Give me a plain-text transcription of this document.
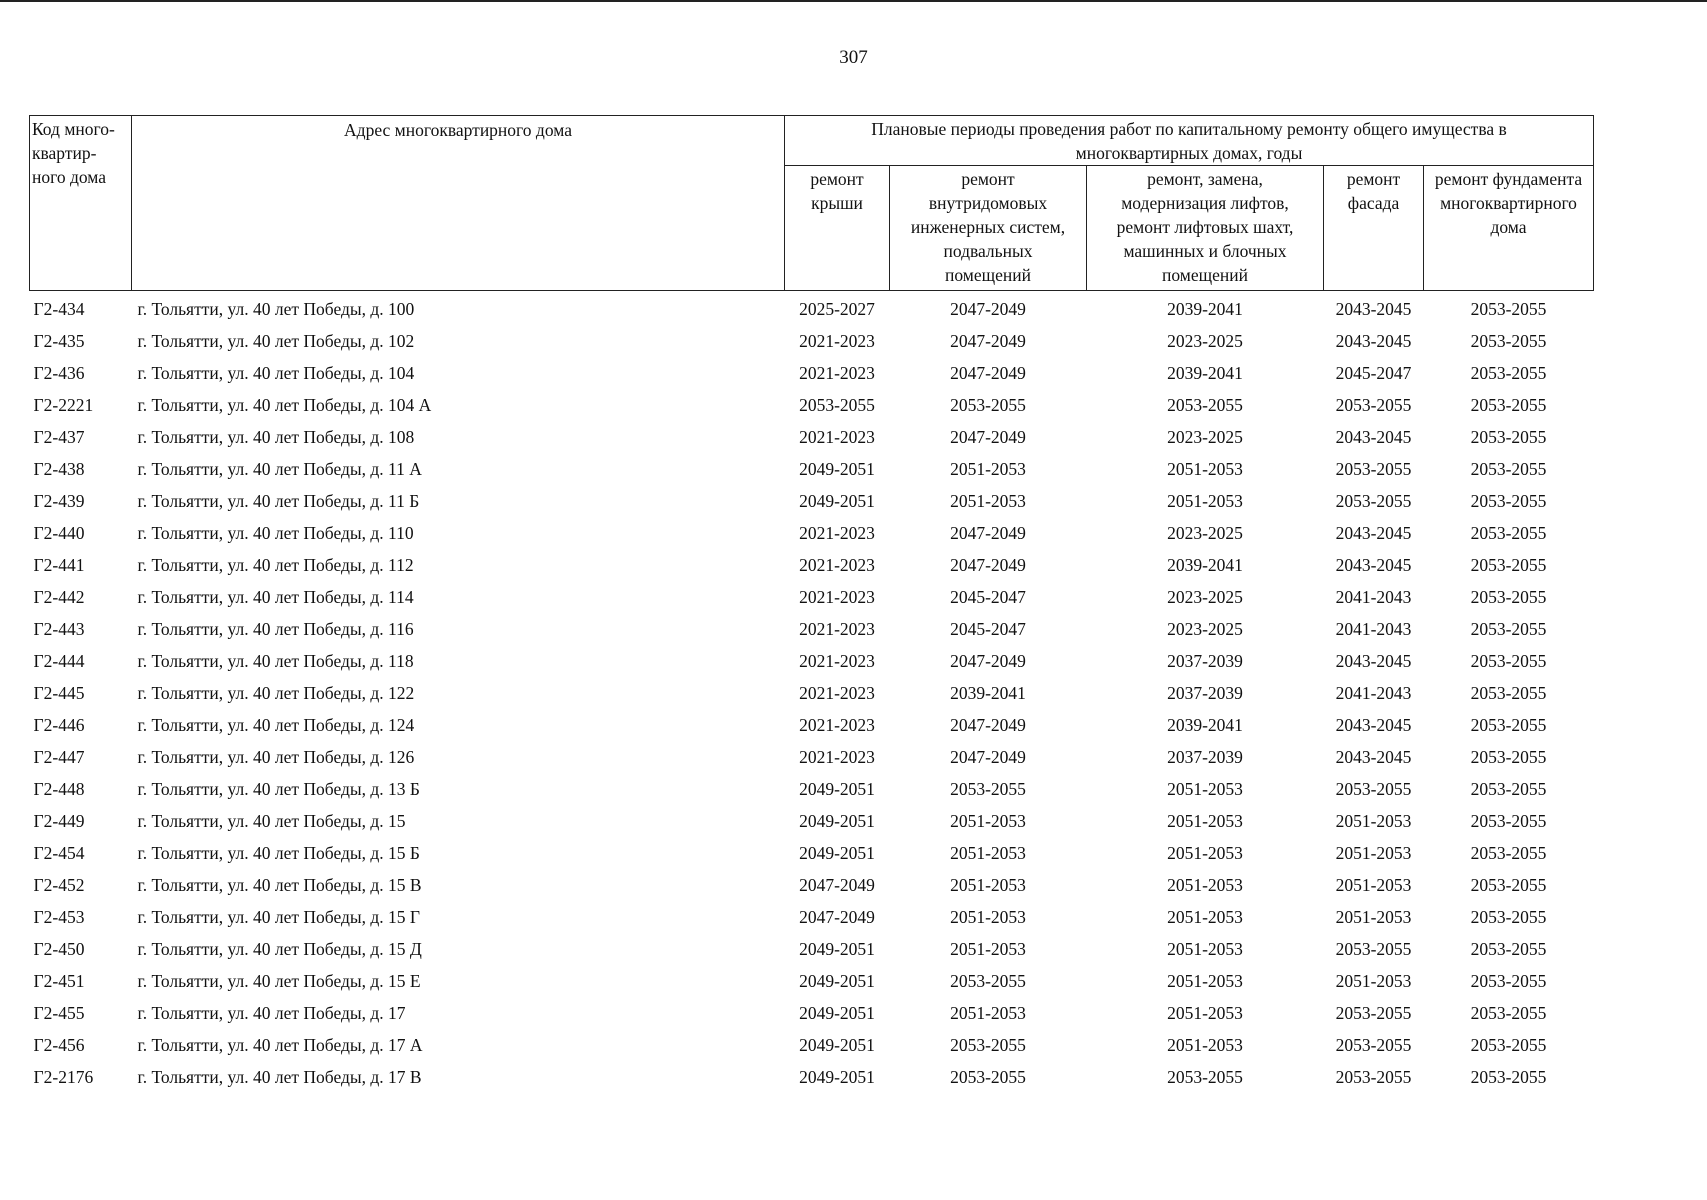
307
Код много-
квартир-
ного дома	Адрес многоквартирного дома	Плановые периоды проведения работ по капитальному ремонту общего имущества в многоквартирных домах, годы				
		ремонт
крыши	ремонт
внутридомовых
инженерных систем,
подвальных
помещений	ремонт, замена,
модернизация лифтов,
ремонт лифтовых шахт,
машинных и блочных
помещений	ремонт
фасада	ремонт фундамента
многоквартирного
дома
Г2-434	г. Тольятти, ул. 40 лет Победы, д. 100	2025-2027	2047-2049	2039-2041	2043-2045	2053-2055
Г2-435	г. Тольятти, ул. 40 лет Победы, д. 102	2021-2023	2047-2049	2023-2025	2043-2045	2053-2055
Г2-436	г. Тольятти, ул. 40 лет Победы, д. 104	2021-2023	2047-2049	2039-2041	2045-2047	2053-2055
Г2-2221	г. Тольятти, ул. 40 лет Победы, д. 104 А	2053-2055	2053-2055	2053-2055	2053-2055	2053-2055
Г2-437	г. Тольятти, ул. 40 лет Победы, д. 108	2021-2023	2047-2049	2023-2025	2043-2045	2053-2055
Г2-438	г. Тольятти, ул. 40 лет Победы, д. 11 А	2049-2051	2051-2053	2051-2053	2053-2055	2053-2055
Г2-439	г. Тольятти, ул. 40 лет Победы, д. 11 Б	2049-2051	2051-2053	2051-2053	2053-2055	2053-2055
Г2-440	г. Тольятти, ул. 40 лет Победы, д. 110	2021-2023	2047-2049	2023-2025	2043-2045	2053-2055
Г2-441	г. Тольятти, ул. 40 лет Победы, д. 112	2021-2023	2047-2049	2039-2041	2043-2045	2053-2055
Г2-442	г. Тольятти, ул. 40 лет Победы, д. 114	2021-2023	2045-2047	2023-2025	2041-2043	2053-2055
Г2-443	г. Тольятти, ул. 40 лет Победы, д. 116	2021-2023	2045-2047	2023-2025	2041-2043	2053-2055
Г2-444	г. Тольятти, ул. 40 лет Победы, д. 118	2021-2023	2047-2049	2037-2039	2043-2045	2053-2055
Г2-445	г. Тольятти, ул. 40 лет Победы, д. 122	2021-2023	2039-2041	2037-2039	2041-2043	2053-2055
Г2-446	г. Тольятти, ул. 40 лет Победы, д. 124	2021-2023	2047-2049	2039-2041	2043-2045	2053-2055
Г2-447	г. Тольятти, ул. 40 лет Победы, д. 126	2021-2023	2047-2049	2037-2039	2043-2045	2053-2055
Г2-448	г. Тольятти, ул. 40 лет Победы, д. 13 Б	2049-2051	2053-2055	2051-2053	2053-2055	2053-2055
Г2-449	г. Тольятти, ул. 40 лет Победы, д. 15	2049-2051	2051-2053	2051-2053	2051-2053	2053-2055
Г2-454	г. Тольятти, ул. 40 лет Победы, д. 15 Б	2049-2051	2051-2053	2051-2053	2051-2053	2053-2055
Г2-452	г. Тольятти, ул. 40 лет Победы, д. 15 В	2047-2049	2051-2053	2051-2053	2051-2053	2053-2055
Г2-453	г. Тольятти, ул. 40 лет Победы, д. 15 Г	2047-2049	2051-2053	2051-2053	2051-2053	2053-2055
Г2-450	г. Тольятти, ул. 40 лет Победы, д. 15 Д	2049-2051	2051-2053	2051-2053	2053-2055	2053-2055
Г2-451	г. Тольятти, ул. 40 лет Победы, д. 15 Е	2049-2051	2053-2055	2051-2053	2051-2053	2053-2055
Г2-455	г. Тольятти, ул. 40 лет Победы, д. 17	2049-2051	2051-2053	2051-2053	2053-2055	2053-2055
Г2-456	г. Тольятти, ул. 40 лет Победы, д. 17 А	2049-2051	2053-2055	2051-2053	2053-2055	2053-2055
Г2-2176	г. Тольятти, ул. 40 лет Победы, д. 17 В	2049-2051	2053-2055	2053-2055	2053-2055	2053-2055
